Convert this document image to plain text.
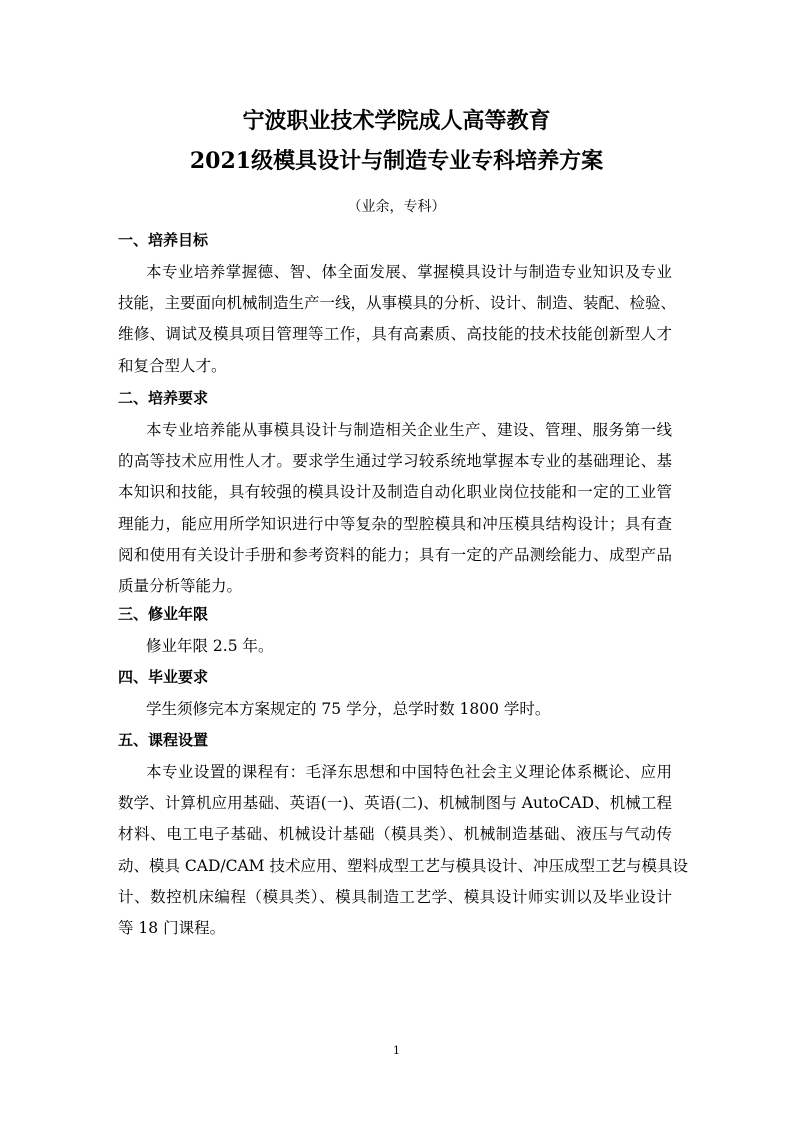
宁波职业技术学院成人高等教育
2021级模具设计与制造专业专科培养方案
（业余，专科）
一、培养目标
本专业培养掌握德、智、体全面发展、掌握模具设计与制造专业知识及专业
技能，主要面向机械制造生产一线，从事模具的分析、设计、制造、装配、检验、
维修、调试及模具项目管理等工作，具有高素质、高技能的技术技能创新型人才
和复合型人才。
二、培养要求
本专业培养能从事模具设计与制造相关企业生产、建设、管理、服务第一线
的高等技术应用性人才。要求学生通过学习较系统地掌握本专业的基础理论、基
本知识和技能，具有较强的模具设计及制造自动化职业岗位技能和一定的工业管
理能力，能应用所学知识进行中等复杂的型腔模具和冲压模具结构设计；具有查
阅和使用有关设计手册和参考资料的能力；具有一定的产品测绘能力、成型产品
质量分析等能力。
三、修业年限
修业年限 2.5 年。
四、毕业要求
学生须修完本方案规定的 75 学分，总学时数 1800 学时。
五、课程设置
本专业设置的课程有：毛泽东思想和中国特色社会主义理论体系概论、应用
数学、计算机应用基础、英语(一)、英语(二)、机械制图与 AutoCAD、机械工程
材料、电工电子基础、机械设计基础（模具类）、机械制造基础、液压与气动传
动、模具 CAD/CAM 技术应用、塑料成型工艺与模具设计、冲压成型工艺与模具设
计、数控机床编程（模具类）、模具制造工艺学、模具设计师实训以及毕业设计
等 18 门课程。
1
